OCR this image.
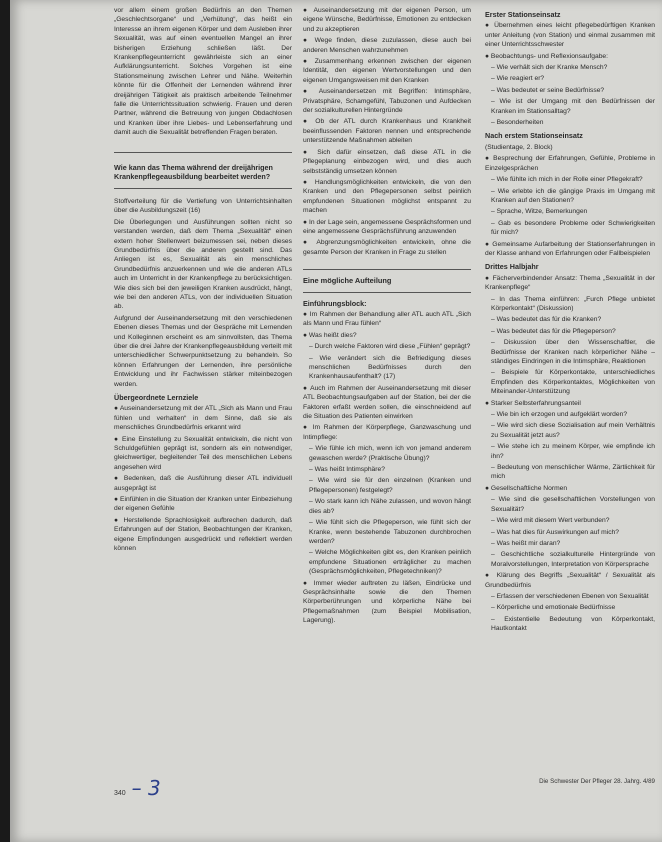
vor allem einem großen Bedürfnis an den Themen „Geschlechtsorgane“ und „Verhütung“, das heißt ein Interesse an ihrem eigenen Körper und dem Ausleben ihrer Sexualität, was auf einen eventuellen Mangel an ihrer bisherigen Erziehung schließen läßt. Der Krankenpflegeunterricht gewährleiste sich an einer Aufklärungsunterricht. Solches Vorgehen ist eine Stationsmeinung zwischen Lehrer und Nähe. Weiterhin könnte für die Offenheit der Lernenden während ihrer dreijährigen Tätigkeit als praktisch arbeitende Teilnehmer falle die Unterrichtssituation schwierig. Frauen und deren Partner, während die Betreuung von jungen Obdachlosen und Kranken über ihre Liebes- und Lebenserfahrung und damit auch die Sexualität betreffenden Fragen beraten.

Wie kann das Thema während der dreijährigen Krankenpflegeausbildung bearbeitet werden?

Stoffverteilung für die Vertiefung von Unterrichtsinhalten über die Ausbildungszeit (16)

Die Überlegungen und Ausführungen sollten nicht so verstanden werden, daß dem Thema „Sexualität“ einen extern hoher Stellenwert beizumessen sei, neben dieses Grundbedürfnis über die anderen gestellt sind. Das Anliegen ist es, Sexualität als ein menschliches Grundbedürfnis anzuerkennen und wie die anderen ATLs auch im Unterricht in der Krankenpflege zu berücksichtigen. Wie dies sich bei den jeweiligen Kranken ausdrückt, hängt, wie bei den anderen ATLs, von der individuellen Situation ab.

Aufgrund der Auseinandersetzung mit den verschiedenen Ebenen dieses Themas und der Gespräche mit Lernenden und Kolleginnen erscheint es am sinnvollsten, das Thema über die drei Jahre der Krankenpflegeausbildung verteilt mit unterschiedlicher Schwerpunktsetzung zu behandeln. So können Erfahrungen der Lernenden, ihre persönliche Entwicklung und ihr Fachwissen stärker miteinbezogen werden.

Übergeordnete Lernziele

● Auseinandersetzung mit der ATL „Sich als Mann und Frau fühlen und verhalten“ in dem Sinne, daß sie als menschliches Grundbedürfnis erkannt wird

● Eine Einstellung zu Sexualität entwickeln, die nicht von Schuldgefühlen geprägt ist, sondern als ein notwendiger, gleichwertiger, begleitender Teil des menschlichen Lebens angesehen wird

● Bedenken, daß die Ausführung dieser ATL individuell ausgeprägt ist

● Einfühlen in die Situation der Kranken unter Einbeziehung der eigenen Gefühle

● Herstellende Sprachlosigkeit aufbrechen dadurch, daß Erfahrungen auf der Station, Beobachtungen der Kranken, eigene Empfindungen ausgedrückt und reflektiert werden können

● Auseinandersetzung mit der eigenen Person, um eigene Wünsche, Bedürfnisse, Emotionen zu entdecken und zu akzeptieren

● Wege finden, diese zuzulassen, diese auch bei anderen Menschen wahrzunehmen

● Zusammenhang erkennen zwischen der eigenen Identität, den eigenen Wertvorstellungen und den eigenen Umgangsweisen mit den Kranken

● Auseinandersetzen mit Begriffen: Intimsphäre, Privatsphäre, Schamgefühl, Tabuzonen und Aufdecken der sozialkulturellen Hintergründe

● Ob der ATL durch Krankenhaus und Krankheit beeinflussenden Faktoren nennen und entsprechende unterstützende Maßnahmen ableiten

● Sich dafür einsetzen, daß diese ATL in die Pflegeplanung einbezogen wird, und dies auch selbstständig umsetzen können

● Handlungsmöglichkeiten entwickeln, die von den Kranken und den Pflegepersonen selbst peinlich empfundenen Situationen möglichst entspannt zu machen

● In der Lage sein, angemessene Gesprächsformen und eine angemessene Gesprächsführung anzuwenden

● Abgrenzungsmöglichkeiten entwickeln, ohne die gesamte Person der Kranken in Frage zu stellen

Eine mögliche Aufteilung
Einführungsblock:

● Im Rahmen der Behandlung aller ATL auch ATL „Sich als Mann und Frau fühlen“

● Was heißt dies?

– Durch welche Faktoren wird diese „Fühlen“ geprägt?

– Wie verändert sich die Befriedigung dieses menschlichen Bedürfnisses durch den Krankenhausaufenthalt? (17)

● Auch im Rahmen der Auseinandersetzung mit dieser ATL Beobachtungsaufgaben auf der Station, bei der die Faktoren erfaßt werden sollen, die einschneidend auf die Situation des Patienten einwirken

● Im Rahmen der Körperpflege, Ganzwaschung und Intimpflege:

– Wie fühle ich mich, wenn ich von jemand anderem gewaschen werde? (Praktische Übung)?

– Was heißt Intimsphäre?

– Wie wird sie für den einzelnen (Kranken und Pflegepersonen) festgelegt?

– Wo stark kann ich Nähe zulassen, und wovon hängt dies ab?

– Wie fühlt sich die Pflegeperson, wie fühlt sich der Kranke, wenn bestehende Tabuzonen durchbrochen werden?

– Welche Möglichkeiten gibt es, den Kranken peinlich empfundene Situationen erträglicher zu machen (Gesprächsmöglichkeiten, Pflegetechniken)?

● Immer wieder auftreten zu läßen, Eindrücke und Gesprächsinhalte sowie die den Themen Körperberührungen und körperliche Nähe bei Pflegemaßnahmen (zum Beispiel Mobilisation, Lagerung).

Erster Stationseinsatz

● Übernehmen eines leicht pflegebedürftigen Kranken unter Anleitung (von Station) und einmal zusammen mit einer Unterrichtsschwester

● Beobachtungs- und Reflexionsaufgabe:

– Wie verhält sich der Kranke Mensch?

– Wie reagiert er?

– Was bedeutet er seine Bedürfnisse?

– Wie ist der Umgang mit den Bedürfnissen der Kranken im Stationsalltag?

– Besonderheiten

Nach erstem Stationseinsatz

(Studientage, 2. Block)

● Besprechung der Erfahrungen, Gefühle, Probleme in Einzelgesprächen

– Wie fühlte ich mich in der Rolle einer Pflegekraft?

– Wie erlebte ich die gängige Praxis im Umgang mit Kranken auf den Stationen?

– Sprache, Witze, Bemerkungen

– Gab es besondere Probleme oder Schwierigkeiten für mich?

● Gemeinsame Aufarbeitung der Stationserfahrungen in der Klasse anhand von Erfahrungen oder Fallbeispielen

Drittes Halbjahr

● Fächerverbindender Ansatz: Thema „Sexualität in der Krankenpflege“

– In das Thema einführen: „Furch Pflege unbietet Körperkontakt“ (Diskussion)

– Was bedeutet das für die Kranken?

– Was bedeutet das für die Pflegeperson?

– Diskussion über den Wissenschaftler, die Bedürfnisse der Kranken nach körperlicher Nähe – ständiges Eindringen in die Intimsphäre, Reaktionen

– Beispiele für Körperkontakte, unterschiedliches Empfinden des Körperkontaktes, Möglichkeiten von Miteinander-Unterstützung

● Starker Selbsterfahrungsanteil

– Wie bin ich erzogen und aufgeklärt worden?

– Wie wird sich diese Sozialisation auf mein Verhältnis zu Sexualität jetzt aus?

– Wie stehe ich zu meinem Körper, wie empfinde ich ihn?

– Bedeutung von menschlicher Wärme, Zärtlichkeit für mich

● Gesellschaftliche Normen

– Wie sind die gesellschaftlichen Vorstellungen von Sexualität?

– Wie wird mit diesem Wert verbunden?

– Was hat dies für Auswirkungen auf mich?

– Was heißt mir daran?

– Geschichtliche sozialkulturelle Hintergründe von Moralvorstellungen, Interpretation von Körpersprache

● Klärung des Begriffs „Sexualität“ / Sexualität als Grundbedürfnis

– Erfassen der verschiedenen Ebenen von Sexualität

– Körperliche und emotionale Bedürfnisse

– Existentielle Bedeutung von Körperkontakt, Hautkontakt

340 – 3	Die Schwester Der Pfleger 28. Jahrg. 4/89
